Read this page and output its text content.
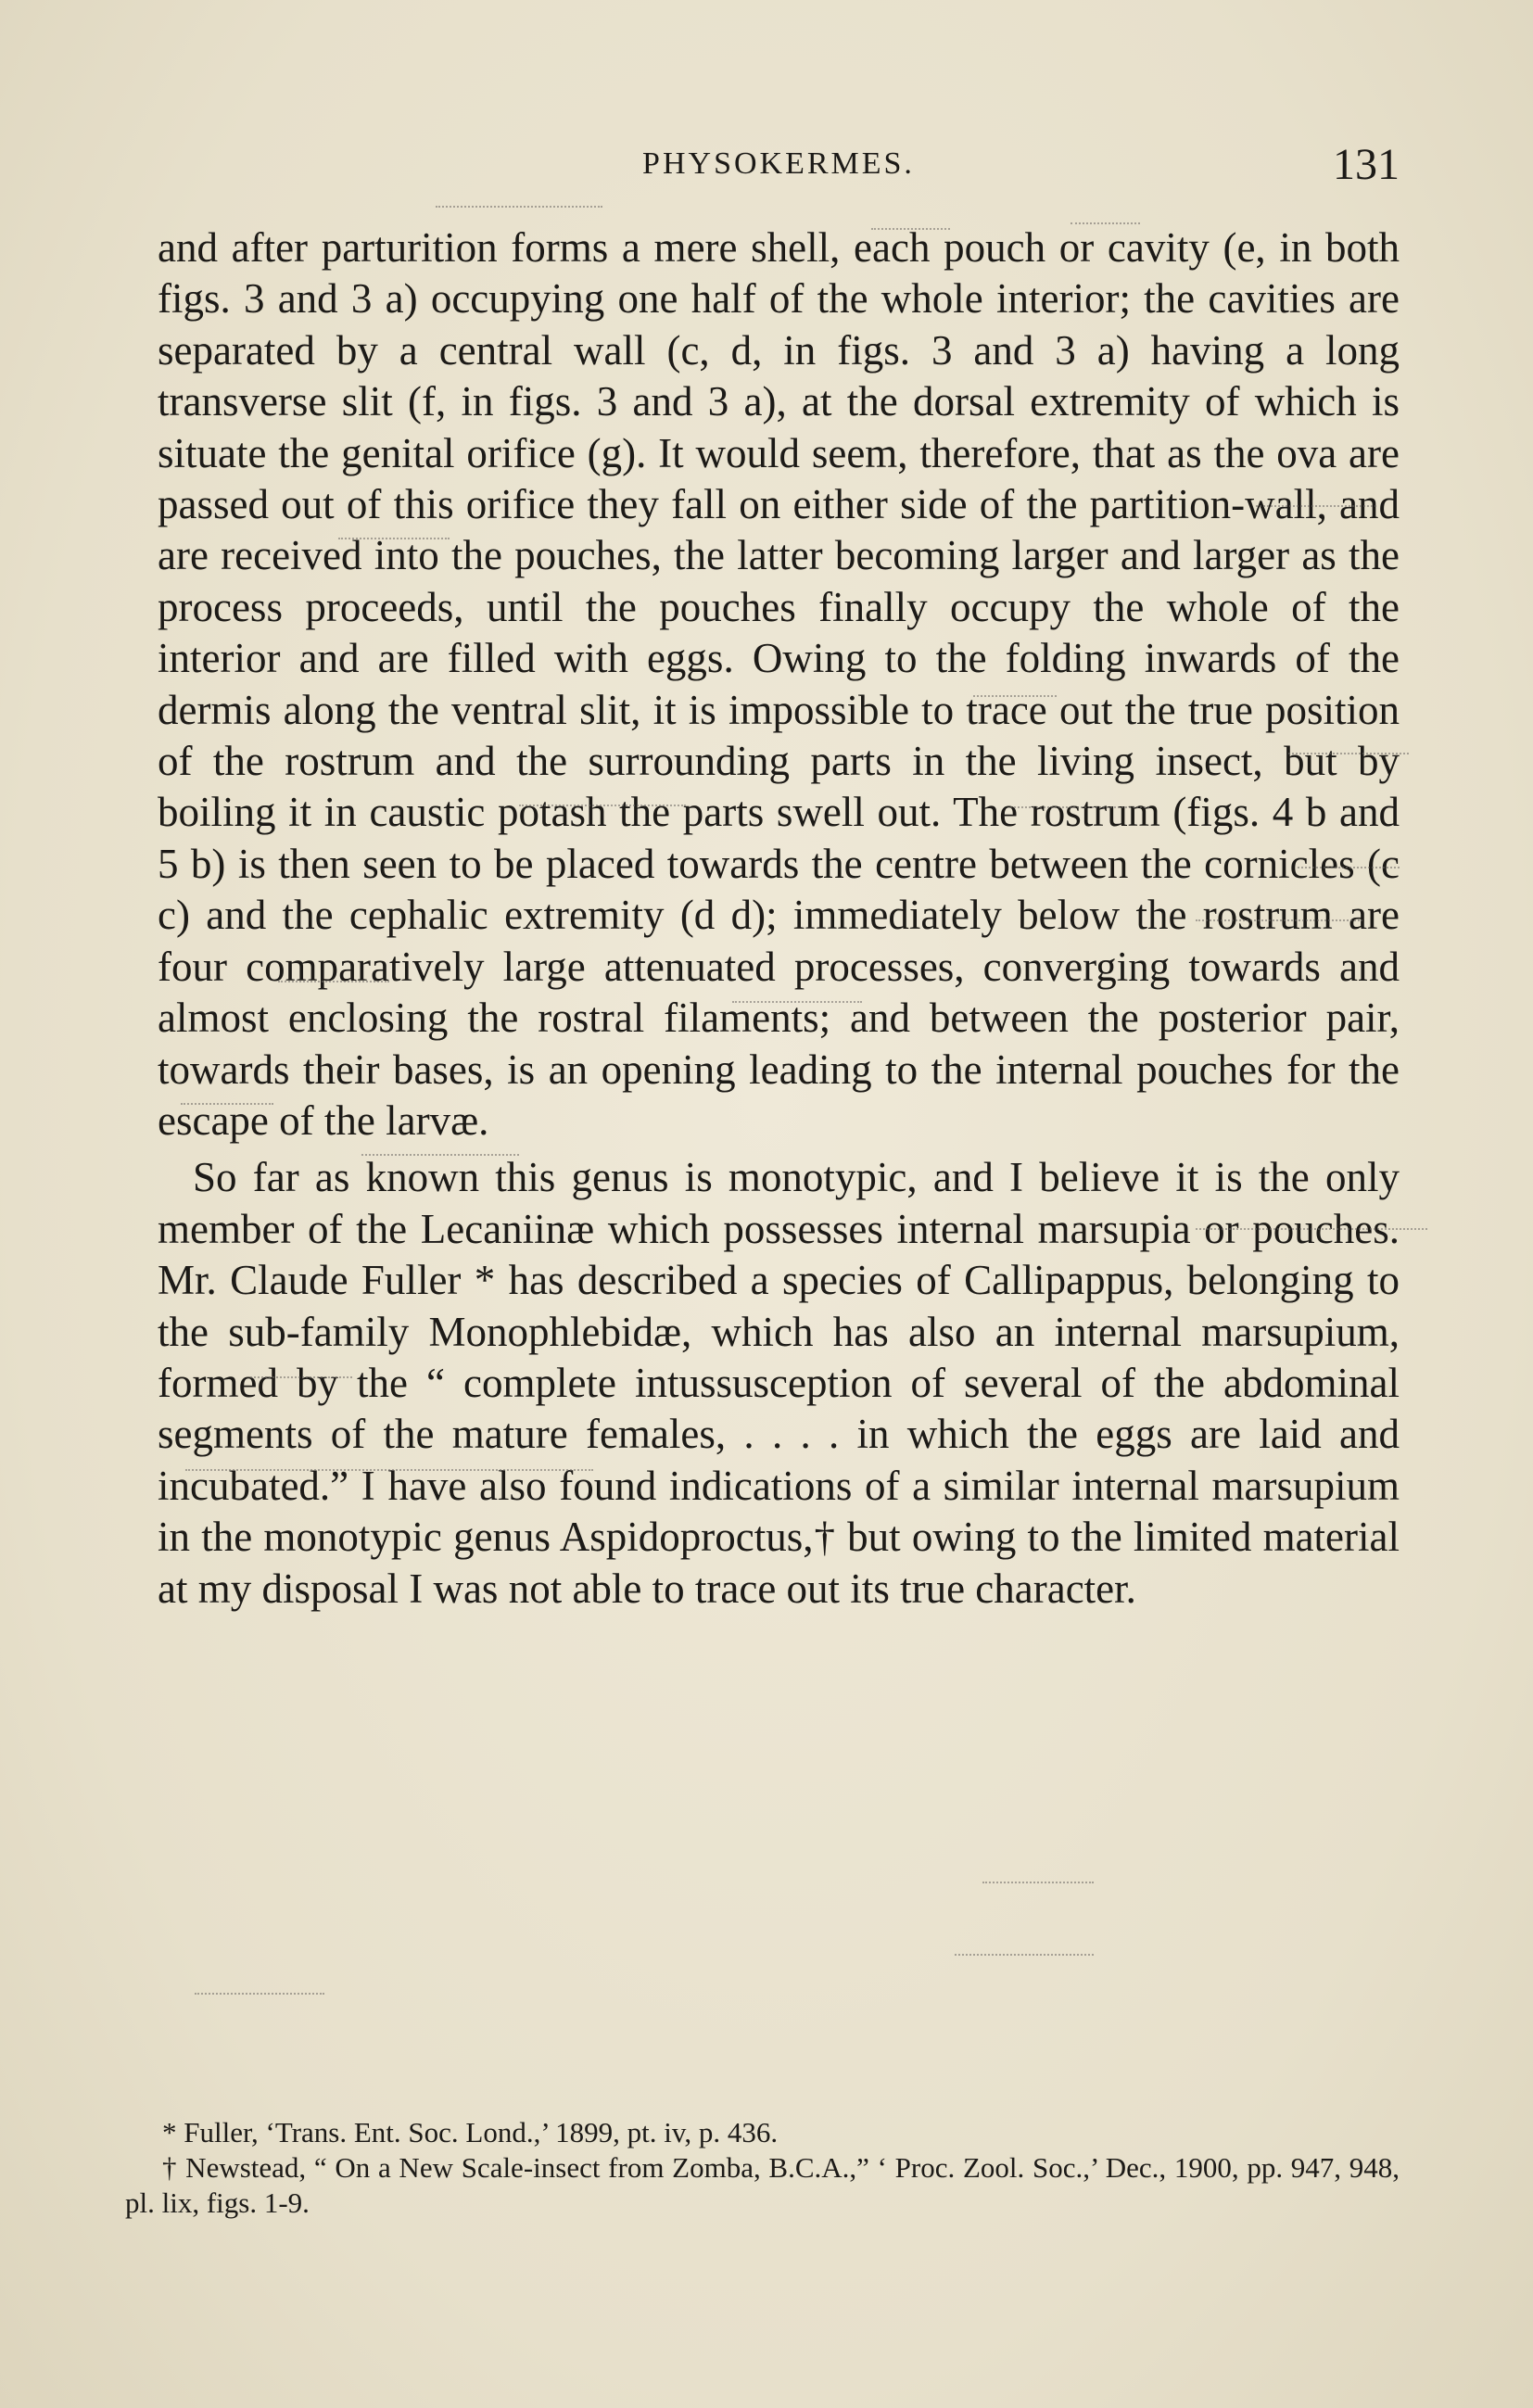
PHYSOKERMES.	131

and after parturition forms a mere shell, each pouch or cavity (e, in both figs. 3 and 3 a) occupying one half of the whole interior; the cavities are separated by a central wall (c, d, in figs. 3 and 3 a) having a long transverse slit (f, in figs. 3 and 3 a), at the dorsal extremity of which is situate the genital orifice (g). It would seem, therefore, that as the ova are passed out of this orifice they fall on either side of the partition-wall, and are received into the pouches, the latter becoming larger and larger as the process proceeds, until the pouches finally occupy the whole of the interior and are filled with eggs. Owing to the folding inwards of the dermis along the ventral slit, it is impossible to trace out the true position of the rostrum and the surrounding parts in the living insect, but by boiling it in caustic potash the parts swell out. The rostrum (figs. 4 b and 5 b) is then seen to be placed towards the centre between the cornicles (c c) and the cephalic extremity (d d); immediately below the rostrum are four comparatively large attenuated processes, converging towards and almost enclosing the rostral filaments; and between the posterior pair, towards their bases, is an opening leading to the internal pouches for the escape of the larvæ.

So far as known this genus is monotypic, and I believe it is the only member of the Lecaniinæ which possesses internal marsupia or pouches. Mr. Claude Fuller * has described a species of Callipappus, belonging to the sub-family Monophlebidæ, which has also an internal marsupium, formed by the “ complete intussusception of several of the abdominal segments of the mature females, . . . . in which the eggs are laid and incubated.” I have also found indications of a similar internal marsupium in the monotypic genus Aspidoproctus,† but owing to the limited material at my disposal I was not able to trace out its true character.

* Fuller, ‘Trans. Ent. Soc. Lond.,’ 1899, pt. iv, p. 436.

† Newstead, “ On a New Scale-insect from Zomba, B.C.A.,” ‘ Proc. Zool. Soc.,’ Dec., 1900, pp. 947, 948, pl. lix, figs. 1-9.
